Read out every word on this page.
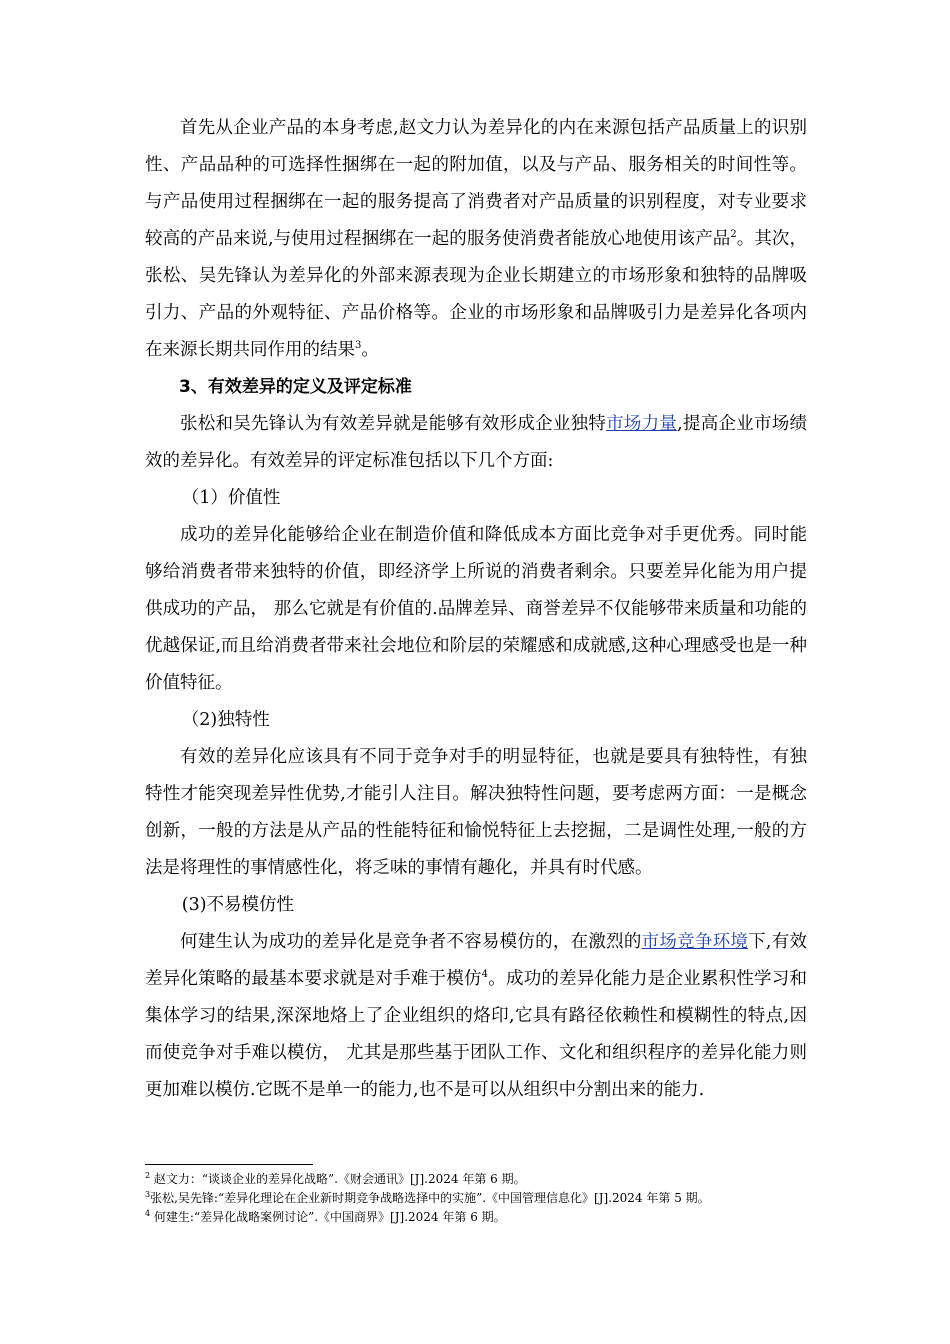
首先从企业产品的本身考虑,赵文力认为差异化的内在来源包括产品质量上的识别性、产品品种的可选择性捆绑在一起的附加值，以及与产品、服务相关的时间性等。与产品使用过程捆绑在一起的服务提高了消费者对产品质量的识别程度，对专业要求较高的产品来说,与使用过程捆绑在一起的服务使消费者能放心地使用该产品$^2$。其次，张松、吴先锋认为差异化的外部来源表现为企业长期建立的市场形象和独特的品牌吸引力、产品的外观特征、产品价格等。企业的市场形象和品牌吸引力是差异化各项内在来源长期共同作用的结果$^3$。

3、有效差异的定义及评定标准

张松和吴先锋认为有效差异就是能够有效形成企业独特市场力量,提高企业市场绩效的差异化。有效差异的评定标准包括以下几个方面:

（1）价值性

成功的差异化能够给企业在制造价值和降低成本方面比竞争对手更优秀。同时能够给消费者带来独特的价值，即经济学上所说的消费者剩余。只要差异化能为用户提供成功的产品， 那么它就是有价值的.品牌差异、商誉差异不仅能够带来质量和功能的优越保证,而且给消费者带来社会地位和阶层的荣耀感和成就感,这种心理感受也是一种价值特征。

（2)独特性

有效的差异化应该具有不同于竞争对手的明显特征，也就是要具有独特性，有独特性才能突现差异性优势,才能引人注目。解决独特性问题，要考虑两方面：一是概念创新，一般的方法是从产品的性能特征和愉悦特征上去挖掘，二是调性处理,一般的方法是将理性的事情感性化，将乏味的事情有趣化，并具有时代感。

(3)不易模仿性

何建生认为成功的差异化是竞争者不容易模仿的，在激烈的市场竞争环境下,有效差异化策略的最基本要求就是对手难于模仿$^4$。成功的差异化能力是企业累积性学习和集体学习的结果,深深地烙上了企业组织的烙印,它具有路径依赖性和模糊性的特点,因而使竞争对手难以模仿， 尤其是那些基于团队工作、文化和组织程序的差异化能力则更加难以模仿.它既不是单一的能力,也不是可以从组织中分割出来的能力.

$^2$ 赵文力：“谈谈企业的差异化战略”.《财会通讯》[J].2024 年第 6 期。
$^3$张松,吴先锋:“差异化理论在企业新时期竞争战略选择中的实施”.《中国管理信息化》[J].2024 年第 5 期。
$^4$ 何建生:“差异化战略案例讨论”.《中国商界》[J].2024 年第 6 期。
